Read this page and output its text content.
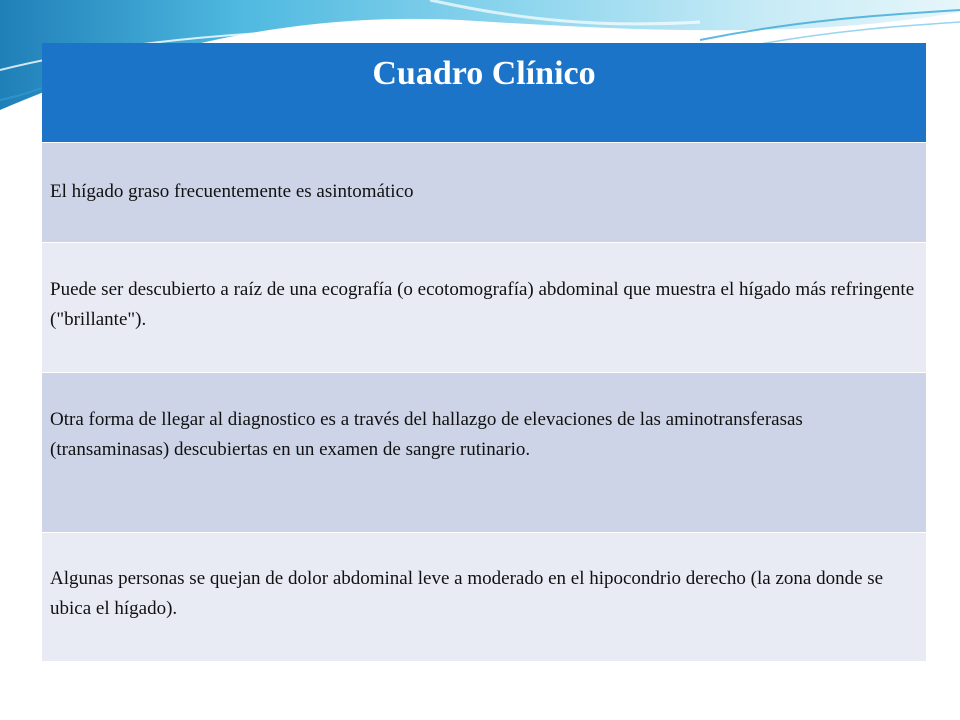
Cuadro Clínico
El hígado graso frecuentemente es asintomático
Puede ser descubierto a raíz de una ecografía (o ecotomografía) abdominal que muestra el hígado más refringente ("brillante").
Otra forma de llegar al diagnostico es a través del hallazgo de elevaciones de las aminotransferasas (transaminasas) descubiertas en un examen de sangre rutinario.
Algunas personas se quejan de dolor abdominal leve a moderado en el hipocondrio derecho (la zona donde se ubica el hígado).
